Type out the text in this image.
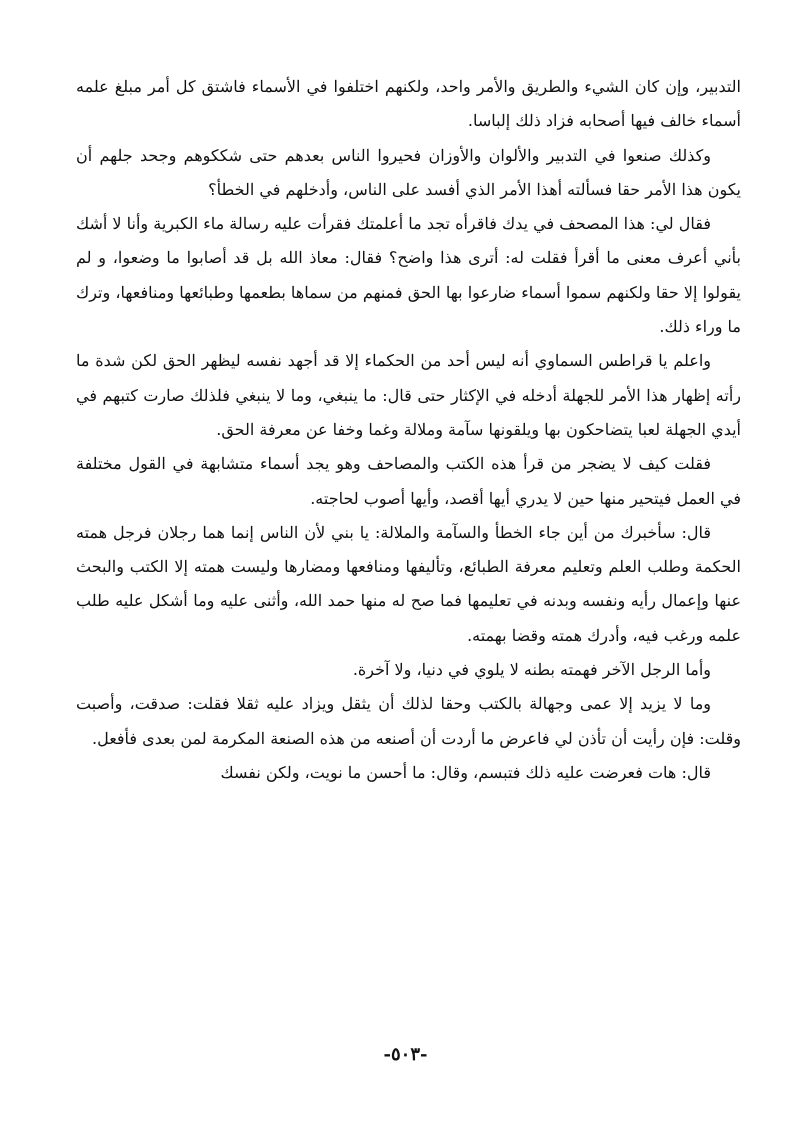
التدبير، وإن كان الشيء والطريق والأمر واحد، ولكنهم اختلفوا في الأسماء فاشتق كل أمر مبلغ علمه أسماء خالف فيها أصحابه فزاد ذلك إلباسا.

وكذلك صنعوا في التدبير والألوان والأوزان فحيروا الناس بعدهم حتى شككوهم وجحد جلهم أن يكون هذا الأمر حقا فسألته أهذا الأمر الذي أفسد على الناس، وأدخلهم في الخطأ؟

فقال لي: هذا المصحف في يدك فاقرأه تجد ما أعلمتك فقرأت عليه رسالة ماء الكبرية وأنا لا أشك بأني أعرف معنى ما أقرأ فقلت له: أترى هذا واضح؟ فقال: معاذ الله بل قد أصابوا ما وضعوا، و لم يقولوا إلا حقا ولكنهم سموا أسماء ضارعوا بها الحق فمنهم من سماها بطعمها وطبائعها ومنافعها، وترك ما وراء ذلك.

واعلم يا قراطس السماوي أنه ليس أحد من الحكماء إلا قد أجهد نفسه ليظهر الحق لكن شدة ما رأته إظهار هذا الأمر للجهلة أدخله في الإكثار حتى قال: ما ينبغي، وما لا ينبغي فلذلك صارت كتبهم في أيدي الجهلة لعبا يتضاحكون بها ويلقونها سآمة وملالة وغما وخفا عن معرفة الحق.

فقلت كيف لا يضجر من قرأ هذه الكتب والمصاحف وهو يجد أسماء متشابهة في القول مختلفة في العمل فيتحير منها حين لا يدري أيها أقصد، وأيها أصوب لحاجته.

قال: سأخبرك من أين جاء الخطأ والسآمة والملالة: يا بني لأن الناس إنما هما رجلان فرجل همته الحكمة وطلب العلم وتعليم معرفة الطبائع، وتأليفها ومنافعها ومضارها وليست همته إلا الكتب والبحث عنها وإعمال رأيه ونفسه وبدنه في تعليمها فما صح له منها حمد الله، وأثنى عليه وما أشكل عليه طلب علمه ورغب فيه، وأدرك همته وقضا بهمته.

وأما الرجل الآخر فهمته بطنه لا يلوي في دنيا، ولا آخرة.

وما لا يزيد إلا عمى وجهالة بالكتب وحقا لذلك أن يثقل ويزاد عليه ثقلا فقلت: صدقت، وأصبت وقلت: فإن رأيت أن تأذن لي فاعرض ما أردت أن أصنعه من هذه الصنعة المكرمة لمن بعدى فأفعل.

قال: هات فعرضت عليه ذلك فتبسم، وقال: ما أحسن ما نويت، ولكن نفسك

-٥٠٣-
